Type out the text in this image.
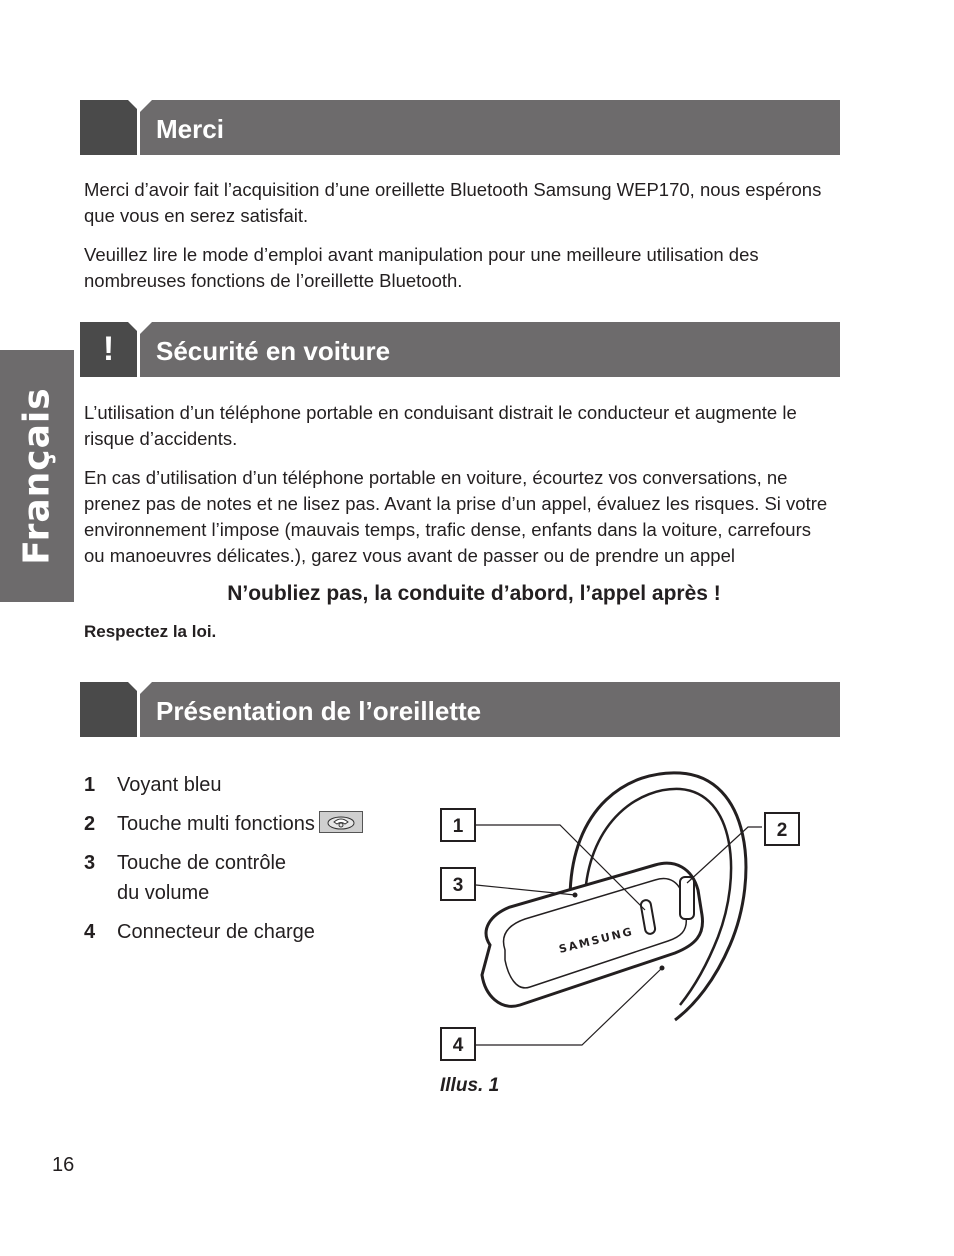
Français
Merci

Merci d’avoir fait l’acquisition d’une oreillette Bluetooth Samsung WEP170, nous espérons que vous en serez satisfait.

Veuillez lire le mode d’emploi avant manipulation pour une meilleure utilisation des nombreuses fonctions de l’oreillette Bluetooth.

!	Sécurité en voiture

L’utilisation d’un téléphone portable en conduisant distrait le conducteur et augmente le risque d’accidents.

En cas d’utilisation d’un téléphone portable en voiture, écourtez vos conversations, ne prenez pas de notes et ne lisez pas. Avant la prise d’un appel, évaluez les risques. Si votre environnement l’impose (mauvais temps, trafic dense, enfants dans la voiture, carrefours ou manoeuvres délicates.), garez vous avant de passer ou de prendre un appel

N’oubliez pas, la conduite d’abord, l’appel après !
Respectez la loi.
Présentation de l’oreillette
1 Voyant bleu
2 Touche multi fonctions
3 Touche de contrôle
du volume
4 Connecteur de charge	SAMSUNG
1	2
3
4
Illus. 1
16
